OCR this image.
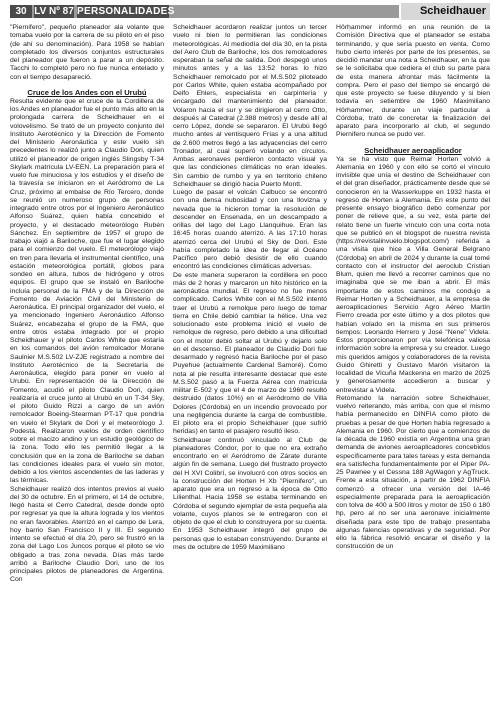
30 LV Nº 87 PERSONALIDADES	Scheidhauer

"Piernifero", pequeño planeador ala volante que tomaba vuelo por la carrera de su piloto en el piso (de ahí su denominación). Para 1958 se habían completado los diversos conjuntos estructurales del planeador que fueron a parar a un depósito. Tacchi lo completó pero no fue nunca entelado y con el tiempo desapareció.

Cruce de los Andes con el Urubú

Resulta evidente que el cruce de la Cordillera de los Andes en planeador fue el punto más alto en la prolongada carrera de Scheidhauer en el volovelismo. Se trató de un proyecto conjunto del Instituto Aerotécnico y la Dirección de Fomento del Ministerio Aeronáutica y este vuelo sin precedentes lo realizó junto a Claudio Dori, quien utilizó el planeador de origen inglés Slingsby T-34 Skylark matrícula LV-EEN. La preparación para el vuelo fue minuciosa y los estudios y el diseño de la travesía se iniciaron en el Aeródromo de La Cruz, próximo al embalse de Río Tercero, donde se reunió un numeroso grupo de personas integrado entre otros por el Ingeniero Aeronáutico Alfonso Suárez, quien había concebido el proyecto, y el destacado meteorólogo Rubén Sánchez. En septiembre de 1957 el grupo de trabajo viajó a Bariloche, que fue el lugar elegido para el comienzo del vuelo. El meteorólogo viajó en tren para llevarla el instrumental científico, una estación meteorológica portátil, globos para sondeo en altura, tubos de hidrógeno y otros equipos. El grupo que se instaló en Bariloche incluía personal de la FMA y de la Dirección de Fomento de Aviación Civil del Ministerio de Aeronáutica. El principal organizador del vuelo, el ya mencionado Ingeniero Aeronáutico Alfonso Suárez, encabezaba el grupo de la FMA, que entre otros estaba integrado por el propio Scheidhauer y el piloto Carlos White que estaría en los comandos del avión remolcador Morane Saulnier M.S.502 LV-ZJE registrado a nombre del Instituto Aerotécnico de la Secretaría de Aeronáutica, elegido para poner en vuelo al Urubú. En representación de la Dirección de Fomento, acudió el piloto Claudio Dori, quien realizaría el cruce junto al Urubú en un T-34 Sky, el piloto Guido Rizzi a cargo de un avión remolcador Boeing-Stearman PT-17 que pondría en vuelo el Skylark de Dori y el meteorólogo J. Podestá. Realizaron vuelos de orden científico sobre el macizo andino y un estudio geológico de la zona. Todo ello les permitió llegar a la conclusión que en la zona de Bariloche se daban las condiciones ideales para el vuelo sin motor, debido a los vientos ascendentes de las laderas y las térmicas.

Scheidhauer realizó dos intentos previos al vuelo del 30 de octubre. En el primero, el 14 de octubre, llegó hasta el Cerro Catedral, desde donde optó por regresar ya que la altura lograda y los vientos no eran favorables. Aterrizó en el campo de Lera, hoy barrio San Francisco II y III. El segundo intento se efectuó el día 20, pero se frustró en la zona del Lago Los Juncos porque el piloto se vio obligado a tras zona nevada. Días más tarde arribó a Bariloche Claudio Dori, uno de los principales pilotos de planeadores de Argentina. Con

Scheidhauer acordaron realizar juntos un tercer vuelo ni bien lo permitieran las condiciones meteorológicas. Al mediodía del día 30, en la pista del Aero Club de Bariloche, los dos remolcadores esperaban la señal de salida. Dori despegó unos minutos antes y a las 13:52 horas lo hizo Scheidhauer remolcado por el M.S.502 piloteado por Carlos White, quien estaba acompañado por Delfo Ehlers, especialista en carpintería y encargado del mantenimiento del planeador. Volaron hacia el sur y se dirigieron al cerro Otto, después al Catedral (2.388 metros) y desde allí al cerro López, donde se separaron. El Urubú llegó mucho antes al ventisquero Frías y a una altitud de 2.600 metros llegó a las adyacencias del cerro Tronador, al cual superó volando en círculos. Ambas aeronaves perdieron contacto visual ya que las condiciones climáticas no eran ideales. Sin cambio de rumbo y ya en territorio chileno Scheidhauer se dirigió hacia Puerto Montt.

Luego de pasar el volcán Calbuco se encontró con una densa nubosidad y con una llovizna y nevada que le hicieron tomar la resolución de descender en Ensenada, en un descampado a orillas del lago del Lago Llanquihue. Eran las 16:45 horas cuando aterrizó. A las 17:10 horas aterrizó cerca del Urubú el Sky de Dori. Este había completado la idea de llegar al Océano Pacífico pero debió desistir de ello cuando encontró las condiciones climáticas adversas.

De este manera superaron la cordillera en poco más de 2 horas y marcaron un hito histórico en la aeronáutica mundial. El regreso no fue menos complicado. Carlos White con el M.S.502 intentó traer el Urubú a remolque pero luego de tomar tierra en Chile debió cambiar la hélice. Una vez solucionado este problema inició el vuelo de remolque de regreso, pero debido a una dificultad con el motor debió soltar al Urubú y dejarlo solo en el descenso. El planeador de Claudio Dori fue desarmado y regresó hacia Bariloche por el paso Puyehue (actualmente Cardenal Samoré). Como nota al pie resulta interesante destacar que este M.S.502 pasó a la Fuerza Aérea con matrícula militar E-502 y que el 4 de marzo de 1960 resultó destruido (datos 10%) en el Aeródromo de Villa Dolores (Córdoba) en un incendio provocado por una negligencia durante la carga de combustible. El piloto era el propio Scheidhauer (que sufrió heridas) en tanto el pasajero resultó ileso.

Scheidhauer continuó vinculado al Club de planeadores Cóndor, por lo que no era extraño encontrarlo en el Aeródromo de Zárate durante algún fin de semana. Luego del frustrado proyecto del H XVI Colibrí, se involucró con otros socios en la construcción del Horten H Xb "Piernifero", un aparato que era un regreso a la época de Otto Lilienthal. Hacia 1958 se estaba terminando en Córdoba el segundo ejemplar de esta pequeña ala volante, cuyos planos se le entregaron con el objeto de que el club lo construyera por su cuenta. En 1953 Scheidhauer integró del grupo de personas que lo estaban construyendo. Durante el mes de octubre de 1959 Maximiliano

Hörhammer informó en una reunión de la Comisión Directiva que el planeador se estaba terminando, y que sería puesto en venta. Como hubo cierto interés por parte de los presentes, se decidió mandar una nota a Scheidhauer, en la que se le solicitaba que cediera el club su parte para de esta manera afrontar más fácilmente la compra. Pero el paso del tiempo se encargó de que este proyecto se fuese diluyendo y si bien todavía en setiembre de 1960 Maximiliano Hörhammer, durante un viaje particular a Córdoba, trató de concretar la finalización del aparato para incorporarlo al club, el segundo Piernifero nunca se pudo ver.

Scheidhauer aeroaplicador

Ya se ha visto que Reimar Horten volvió a Alemania en 1960 y con ello se cortó el vínculo invisible que unía el destino de Scheidhauer con el del gran diseñador, prácticamente desde que se conocieron en la Wasserkuppe en 1932 hasta el regreso de Horten a Alemania. En este punto del presente ensayo biográfico debo comenzar por poner de relieve que, a su vez, esta parte del relato tiene un fuerte vínculo con una corta nota que se publicó en el blogspot de nuestra revista (https://revistalinvuelo.blogspot.com/) referida a una visita que hice a Villa General Belgrano (Córdoba) en abril de 2024 y durante la cual tomé contacto con el instructor del aeroclub Cristian Blum, quien me llevó a recorrer caminos que no imaginaba que se me iban a abrir. El más importante de estos caminos me condujo a Reimar Horten y a Scheidhauer, a la empresa de aeroaplicaciones Servicio Agro Aéreo Martín Fierro creada por este último y a dos pilotos que habían volado en la misma en sus primeros tiempos: Leonardo Herrero y José "Nene" Videla. Estos proporcionaron por vía telefónica valiosa información sobre la empresa y su creador. Luego mis queridos amigos y colaboradores de la revista Guido Ghiretti y Gustavo Marón visitaron la localidad de Vicuña Mackenna en marzo de 2025 y generosamente accedieron a buscar y entrevistar a Videla.

Retomando la narración sobre Scheidhauer, vuelvo reiterando, más arriba, con que el mismo había permanecido en DINFIA como piloto de pruebas a pesar de que Horten había regresado a Alemania en 1960. Por cierto que a comienzos de la década de 1960 existía en Argentina una gran demanda de aviones aeroaplicadores concebidos específicamente para tales tareas y esta demanda era satisfecha fundamentalmente por el Piper PA-25 Pawnee y el Cessna 188 AgWagon y AgTruck. Frente a esta situación, a partir de 1962 DINFIA comenzó a ofrecer una versión del IA-46 especialmente preparada para la aeroaplicación con tolva de 400 a 500 litros y motor de 150 ó 180 hp, pero al no ser una aeronave inicialmente diseñada para este tipo de trabajo presentaba algunas falencias operativas y de seguridad. Por ello la fábrica resolvió encarar el diseño y la construcción de un
